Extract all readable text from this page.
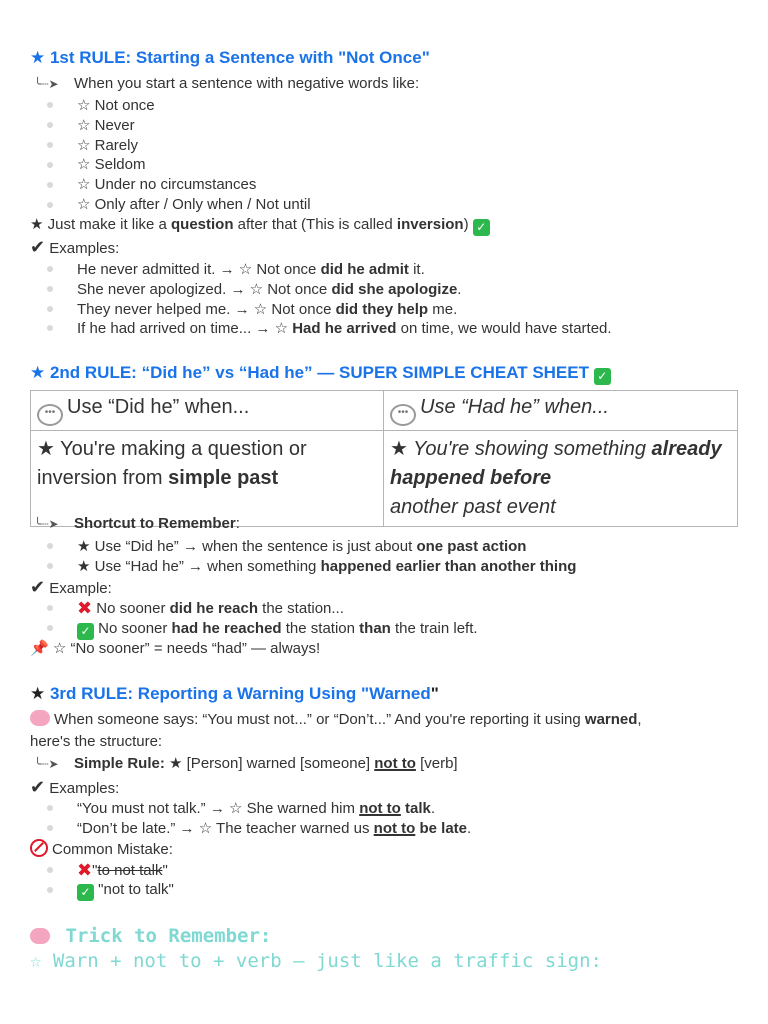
★ 1st RULE: Starting a Sentence with "Not Once"
╰┈➤ When you start a sentence with negative words like:
☆ Not once
☆ Never
☆ Rarely
☆ Seldom
☆ Under no circumstances
☆ Only after / Only when / Not until
★ Just make it like a question after that (This is called inversion) ✓
✔ Examples:
He never admitted it. → ☆ Not once did he admit it.
She never apologized. → ☆ Not once did she apologize.
They never helped me. → ☆ Not once did they help me.
If he had arrived on time... → ☆ Had he arrived on time, we would have started.
★ 2nd RULE: “Did he” vs “Had he” — SUPER SIMPLE CHEAT SHEET ✓
••• Use “Did he” when...	••• Use “Had he” when...
★ You're making a question or inversion from simple past	★ You're showing something already happened before
another past event
╰┈➤ Shortcut to Remember:
★ Use “Did he” → when the sentence is just about one past action
★ Use “Had he” → when something happened earlier than another thing
✔ Example:
✖ No sooner did he reach the station...
✓ No sooner had he reached the station than the train left.
📌 ☆ “No sooner” = needs “had” — always!
★ 3rd RULE: Reporting a Warning Using "Warned"
When someone says: “You must not...” or “Don’t...” And you're reporting it using warned,
here's the structure:
╰┈➤ Simple Rule: ★ [Person] warned [someone] not to [verb]
✔ Examples:
“You must not talk.” → ☆ She warned him not to talk.
“Don’t be late.” → ☆ The teacher warned us not to be late.
Common Mistake:
✖"to not talk"
✓ "not to talk"
Trick to Remember:
☆ Warn + not to + verb — just like a traffic sign:
